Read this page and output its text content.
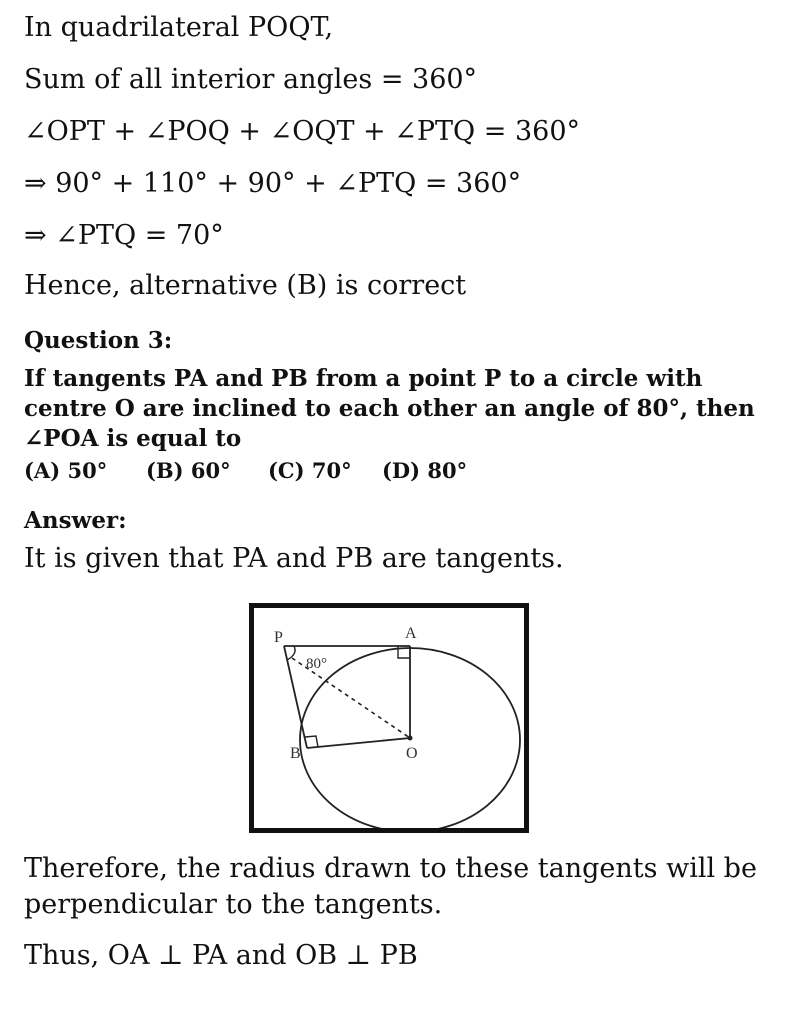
In quadrilateral POQT,
Sum of all interior angles = 360°
∠OPT + ∠POQ + ∠OQT + ∠PTQ = 360°
⇒ 90° + 110° + 90° + ∠PTQ = 360°
⇒ ∠PTQ = 70°
Hence, alternative (B) is correct
Question 3:
If tangents PA and PB from a point P to a circle with
centre O are inclined to each other an angle of 80°, then
∠POA is equal to
(A) 50° (B) 60° (C) 70° (D) 80°
Answer:
It is given that PA and PB are tangents.
P	A
B	O
80°
Therefore, the radius drawn to these tangents will be
perpendicular to the tangents.
Thus, OA ⊥ PA and OB ⊥ PB
